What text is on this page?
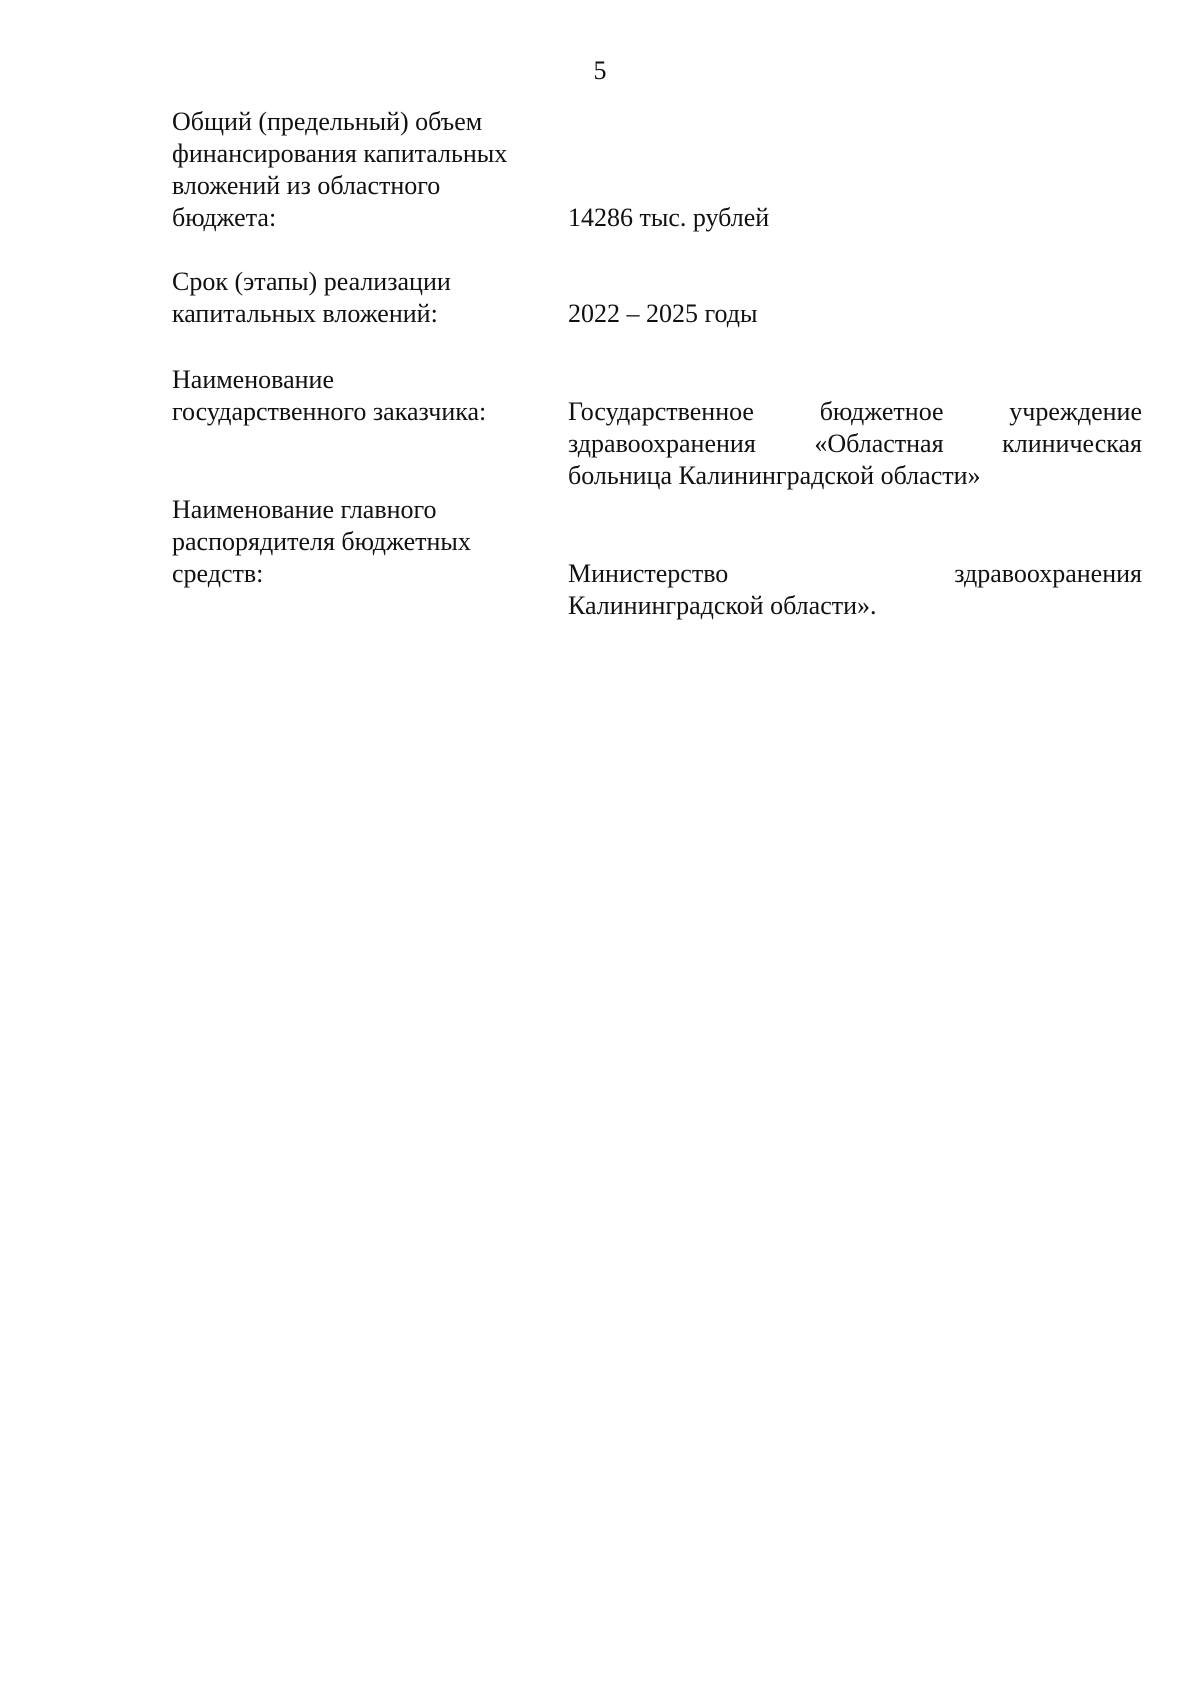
5
Общий (предельный) объем
финансирования капитальных
вложений из областного
бюджета:	14286 тыс. рублей
Срок (этапы) реализации
капитальных вложений:	2022 – 2025 годы
Наименование
государственного заказчика:	Государственное бюджетное учреждение
здравоохранения «Областная клиническая
больница Калининградской области»
Наименование главного
распорядителя бюджетных
средств:	Министерство здравоохранения
Калининградской области».
